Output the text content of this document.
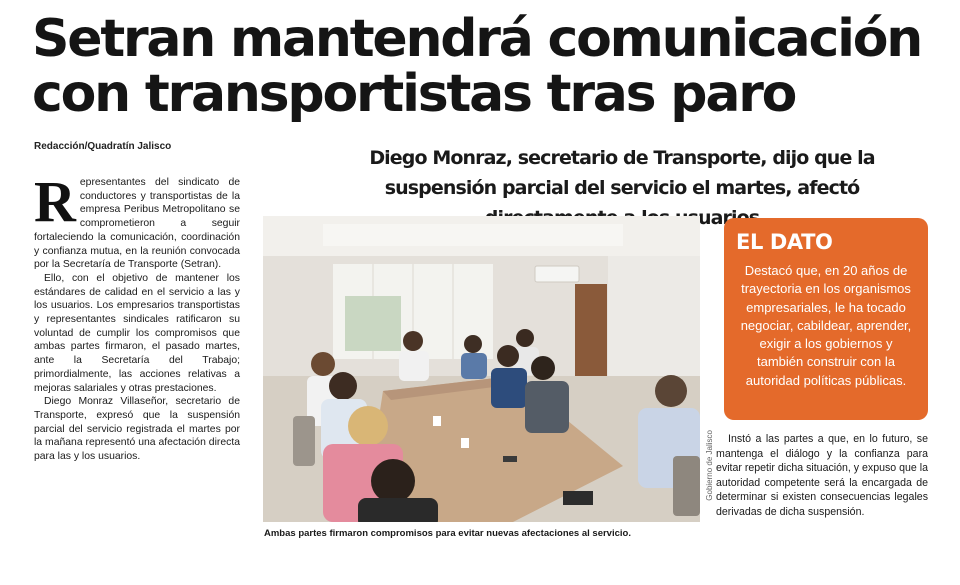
Setran mantendrá comunicación con transportistas tras paro
Redacción/Quadratín Jalisco
Diego Monraz, secretario de Transporte, dijo que la suspensión parcial del servicio el martes, afectó usuarios

Representantes del sindicato de conductores y transportistas de la empresa Peribus Metropolitano se comprometieron a seguir fortaleciendo la comunicación, coordinación y confianza mutua, en la reunión convocada por la Secretaría de Transporte (Setran).

Ello, con el objetivo de mantener los estándares de calidad en el servicio a las y los usuarios. Los empresarios transportistas y representantes sindicales ratificaron su voluntad de cumplir los compromisos que ambas partes firmaron, el pasado martes, ante la Secretaría del Trabajo; primordialmente, las acciones relativas a mejoras salariales y otras prestaciones.

Diego Monraz Villaseñor, secretario de Transporte, expresó que la suspensión parcial del servicio registrada el martes por la mañana representó una afectación directa para las y los usuarios.	Gobierno de Jalisco
Ambas partes firmaron compromisos para evitar nuevas afectaciones al servicio.
EL DATO

Destacó que, en 20 años de trayectoria en los organismos empresariales, le ha tocado negociar, cabildear, aprender, exigir a los gobiernos y también construir con la autoridad políticas públicas.

Instó a las partes a que, en lo futuro, se mantenga el diálogo y la confianza para evitar repetir dicha situación, y expuso que la autoridad competente será la encargada de determinar si existen consecuencias legales derivadas de dicha suspensión.
